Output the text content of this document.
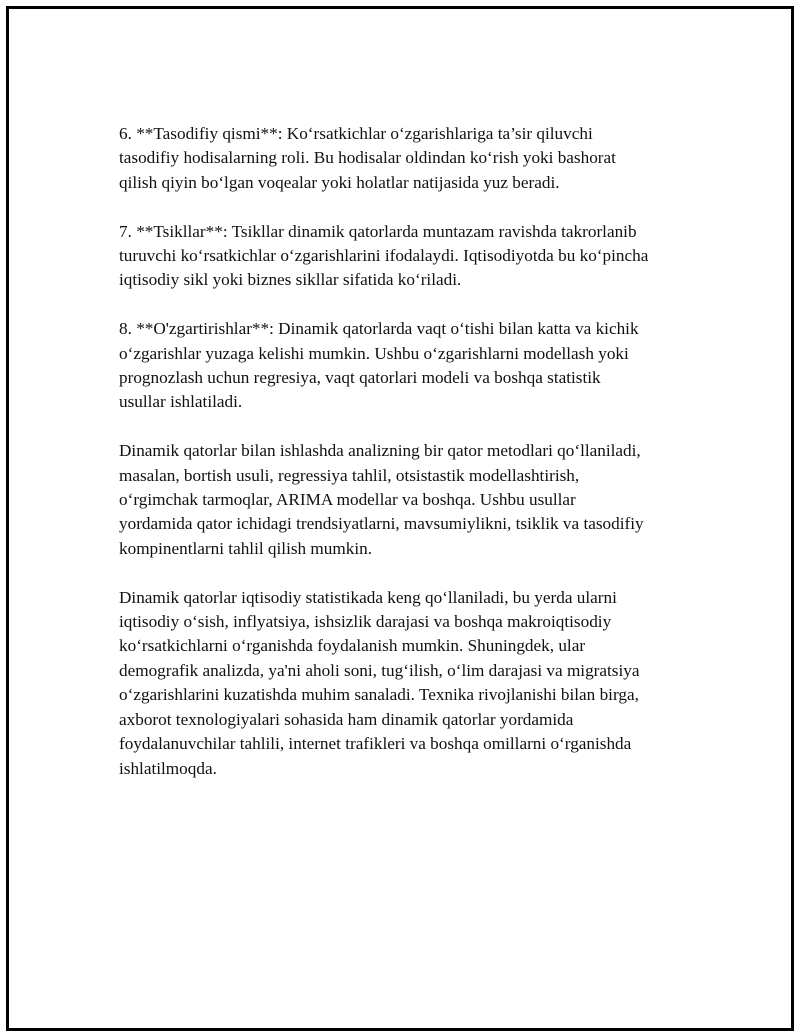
6. **Tasodifiy qismi**: Ko‘rsatkichlar o‘zgarishlariga ta’sir qiluvchi
tasodifiy hodisalarning roli. Bu hodisalar oldindan ko‘rish yoki bashorat
qilish qiyin bo‘lgan voqealar yoki holatlar natijasida yuz beradi.

7. **Tsikllar**: Tsikllar dinamik qatorlarda muntazam ravishda takrorlanib
turuvchi ko‘rsatkichlar o‘zgarishlarini ifodalaydi. Iqtisodiyotda bu ko‘pincha
iqtisodiy sikl yoki biznes sikllar sifatida ko‘riladi.

8. **O'zgartirishlar**: Dinamik qatorlarda vaqt o‘tishi bilan katta va kichik
o‘zgarishlar yuzaga kelishi mumkin. Ushbu o‘zgarishlarni modellash yoki
prognozlash uchun regresiya, vaqt qatorlari modeli va boshqa statistik
usullar ishlatiladi.

Dinamik qatorlar bilan ishlashda analizning bir qator metodlari qo‘llaniladi,
masalan, bortish usuli, regressiya tahlil, otsistastik modellashtirish,
o‘rgimchak tarmoqlar, ARIMA modellar va boshqa. Ushbu usullar
yordamida qator ichidagi trendsiyatlarni, mavsumiylikni, tsiklik va tasodifiy
kompinentlarni tahlil qilish mumkin.

Dinamik qatorlar iqtisodiy statistikada keng qo‘llaniladi, bu yerda ularni
iqtisodiy o‘sish, inflyatsiya, ishsizlik darajasi va boshqa makroiqtisodiy
ko‘rsatkichlarni o‘rganishda foydalanish mumkin. Shuningdek, ular
demografik analizda, ya'ni aholi soni, tug‘ilish, o‘lim darajasi va migratsiya
o‘zgarishlarini kuzatishda muhim sanaladi. Texnika rivojlanishi bilan birga,
axborot texnologiyalari sohasida ham dinamik qatorlar yordamida
foydalanuvchilar tahlili, internet trafikleri va boshqa omillarni o‘rganishda
ishlatilmoqda.
